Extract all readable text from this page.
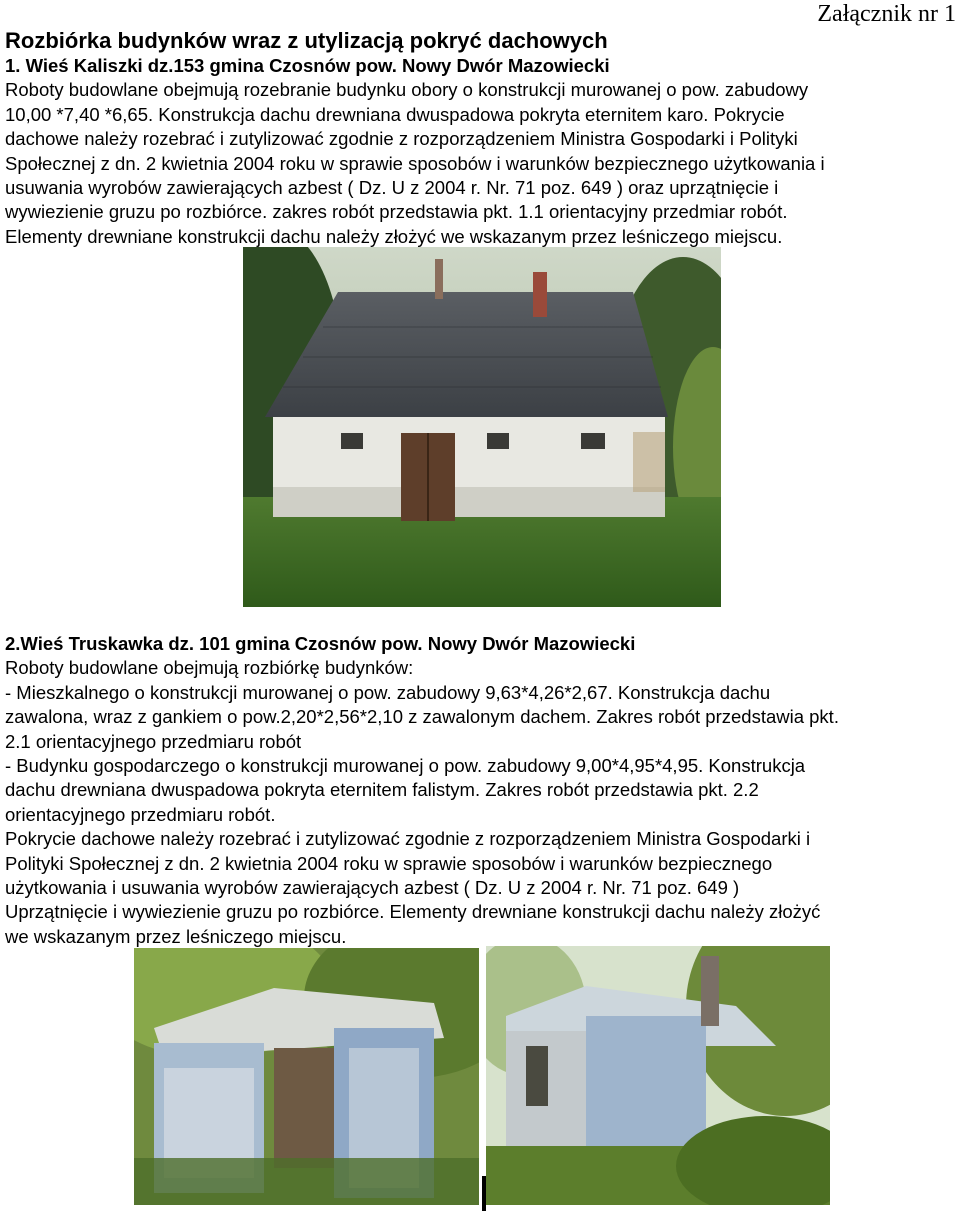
Załącznik nr 1
Rozbiórka budynków wraz z utylizacją pokryć dachowych
1. Wieś Kaliszki dz.153 gmina Czosnów pow. Nowy Dwór Mazowiecki
Roboty budowlane obejmują rozebranie budynku obory o konstrukcji murowanej o pow. zabudowy
10,00 *7,40 *6,65. Konstrukcja dachu drewniana dwuspadowa pokryta eternitem karo. Pokrycie
dachowe należy rozebrać i zutylizować zgodnie z rozporządzeniem Ministra Gospodarki i Polityki
Społecznej z dn. 2 kwietnia 2004 roku w sprawie sposobów i warunków bezpiecznego użytkowania i
usuwania wyrobów zawierających azbest ( Dz. U z 2004 r. Nr. 71 poz. 649 ) oraz uprzątnięcie i
wywiezienie gruzu po rozbiórce. zakres robót przedstawia pkt. 1.1 orientacyjny przedmiar robót.
Elementy drewniane konstrukcji dachu należy złożyć we wskazanym przez leśniczego miejscu.
2.Wieś Truskawka dz. 101 gmina Czosnów pow. Nowy Dwór Mazowiecki
Roboty budowlane obejmują rozbiórkę budynków:
- Mieszkalnego o konstrukcji murowanej o pow. zabudowy 9,63*4,26*2,67. Konstrukcja dachu
zawalona, wraz z gankiem o pow.2,20*2,56*2,10 z zawalonym dachem. Zakres robót przedstawia pkt.
2.1 orientacyjnego przedmiaru robót
- Budynku gospodarczego o konstrukcji murowanej o pow. zabudowy 9,00*4,95*4,95. Konstrukcja
dachu drewniana dwuspadowa pokryta eternitem falistym. Zakres robót przedstawia pkt. 2.2
orientacyjnego przedmiaru robót.
Pokrycie dachowe należy rozebrać i zutylizować zgodnie z rozporządzeniem Ministra Gospodarki i
Polityki Społecznej z dn. 2 kwietnia 2004 roku w sprawie sposobów i warunków bezpiecznego
użytkowania i usuwania wyrobów zawierających azbest ( Dz. U z 2004 r. Nr. 71 poz. 649 )
Uprzątnięcie i wywiezienie gruzu po rozbiórce. Elementy drewniane konstrukcji dachu należy złożyć
we wskazanym przez leśniczego miejscu.
